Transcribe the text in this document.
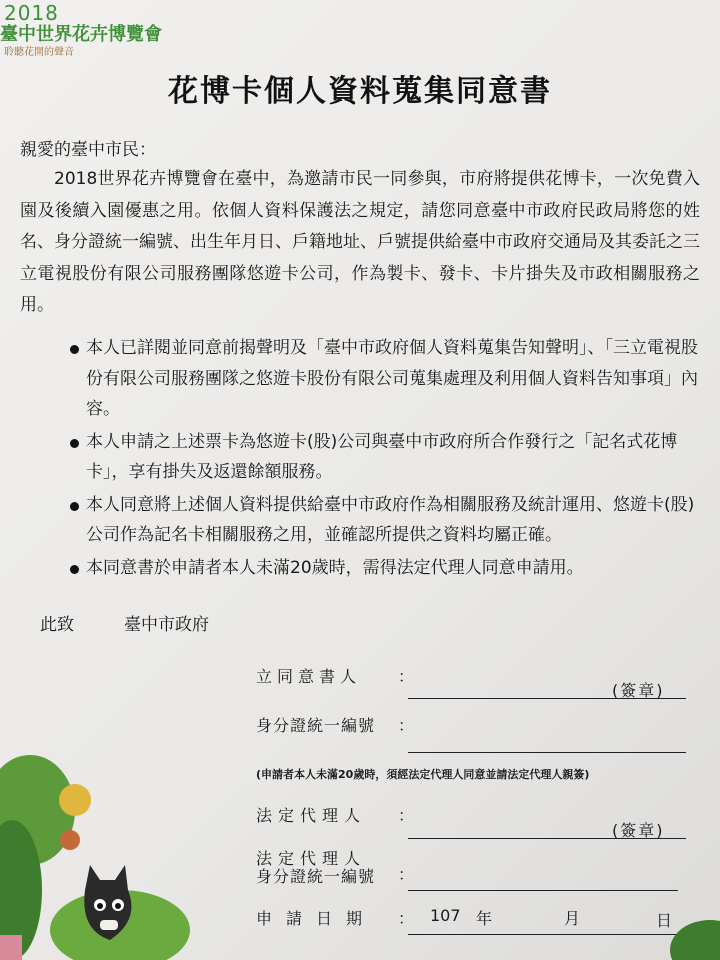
2018
臺中世界花卉博覽會
聆聽花開的聲音
花博卡個人資料蒐集同意書
親愛的臺中市民：
2018世界花卉博覽會在臺中，為邀請市民一同參與，市府將提供花博卡，一次免費入園及後續入園優惠之用。依個人資料保護法之規定，請您同意臺中市政府民政局將您的姓名、身分證統一編號、出生年月日、戶籍地址、戶號提供給臺中市政府交通局及其委託之三立電視股份有限公司服務團隊悠遊卡公司，作為製卡、發卡、卡片掛失及市政相關服務之用。
本人已詳閱並同意前揭聲明及「臺中市政府個人資料蒐集告知聲明」、「三立電視股份有限公司服務團隊之悠遊卡股份有限公司蒐集處理及利用個人資料告知事項」內容。
本人申請之上述票卡為悠遊卡(股)公司與臺中市政府所合作發行之「記名式花博卡」，享有掛失及返還餘額服務。
本人同意將上述個人資料提供給臺中市政府作為相關服務及統計運用、悠遊卡(股)公司作為記名卡相關服務之用，並確認所提供之資料均屬正確。
本同意書於申請者本人未滿20歲時，需得法定代理人同意申請用。
此致	臺中市政府
立同意書人 ：
(簽章)
身分證統一編號 ：
(申請者本人未滿20歲時，須經法定代理人同意並請法定代理人親簽)
法定代理人 ：
(簽章)
法定代理人
身分證統一編號 ：
申請日期 ： 107 年	月	日
